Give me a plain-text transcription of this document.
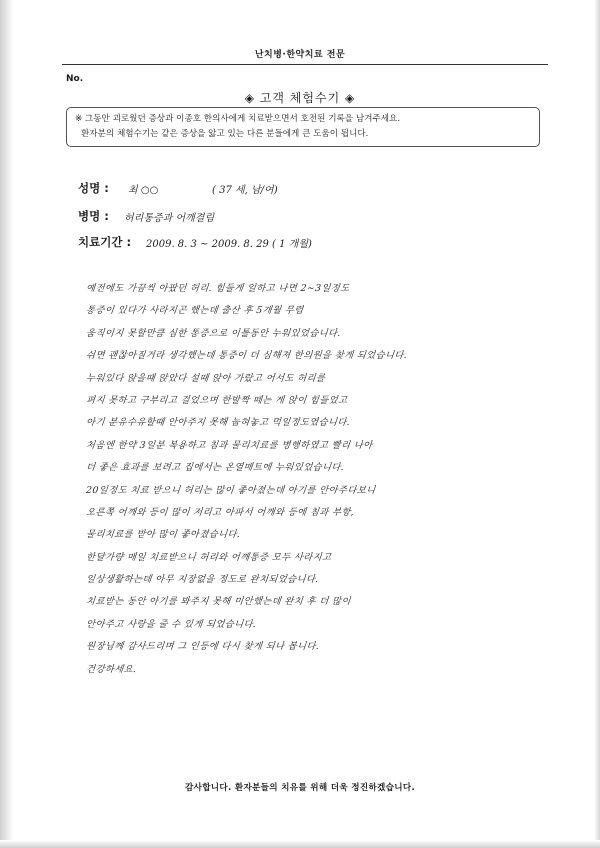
난치병·한약치료 전문
No.
◈ 고객 체험수기 ◈
※ 그동안 괴로웠던 증상과 이종호 한의사에게 치료받으면서 호전된 기록을 남겨주세요.
환자분의 체험수기는 같은 증상을 앓고 있는 다른 분들에게 큰 도움이 됩니다.
성명 : 최 ○○	( 37 세, 남/여)
병명 : 허리통증과 어깨결림
치료기간 : 2009. 8. 3 ~ 2009. 8. 29 ( 1 개월)
예전에도 가끔씩 아팠던 허리. 힘들게 일하고 나면 2~3일정도
통증이 있다가 사라지곤 했는데 출산 후 5개월 무렵
움직이지 못할만큼 심한 통증으로 이틀동안 누워있었습니다.
쉬면 괜찮아질거라 생각했는데 통증이 더 심해져 한의원을 찾게 되었습니다.
누워있다 앉을때 앉았다 설때 앉아 가랐고 어서도 허리를
펴지 못하고 구부리고 걸었으며 한발짝 떼는 게 앉이 힘들었고
아기 분유수유할때 안아주지 못해 눕혀놓고 먹일정도였습니다.
처음엔 한약 3일분 복용하고 침과 물리치료를 병행하였고 빨리 나아
더 좋은 효과를 보려고 집에서는 온열매트에 누워있었습니다.
20일정도 치료 받으니 허리는 많이 좋아졌는데 아기를 안아주다보니
오른쪽 어깨와 등이 많이 저리고 아파서 어깨와 등에 침과 부항,
물리치료를 받아 많이 좋아졌습니다.
한달가량 매일 치료받으니 허리와 어깨통증 모두 사라지고
일상생활하는데 아무 지장없을 정도로 완치되었습니다.
치료받는 동안 아기를 봐주지 못해 미안했는데 완치 후 더 많이
안아주고 사랑을 줄 수 있게 되었습니다.
원장님께 감사드리며 그 인등에 다시 찾게 되나 봅니다.
건강하세요.
감사합니다. 환자분들의 치유를 위해 더욱 정진하겠습니다.
